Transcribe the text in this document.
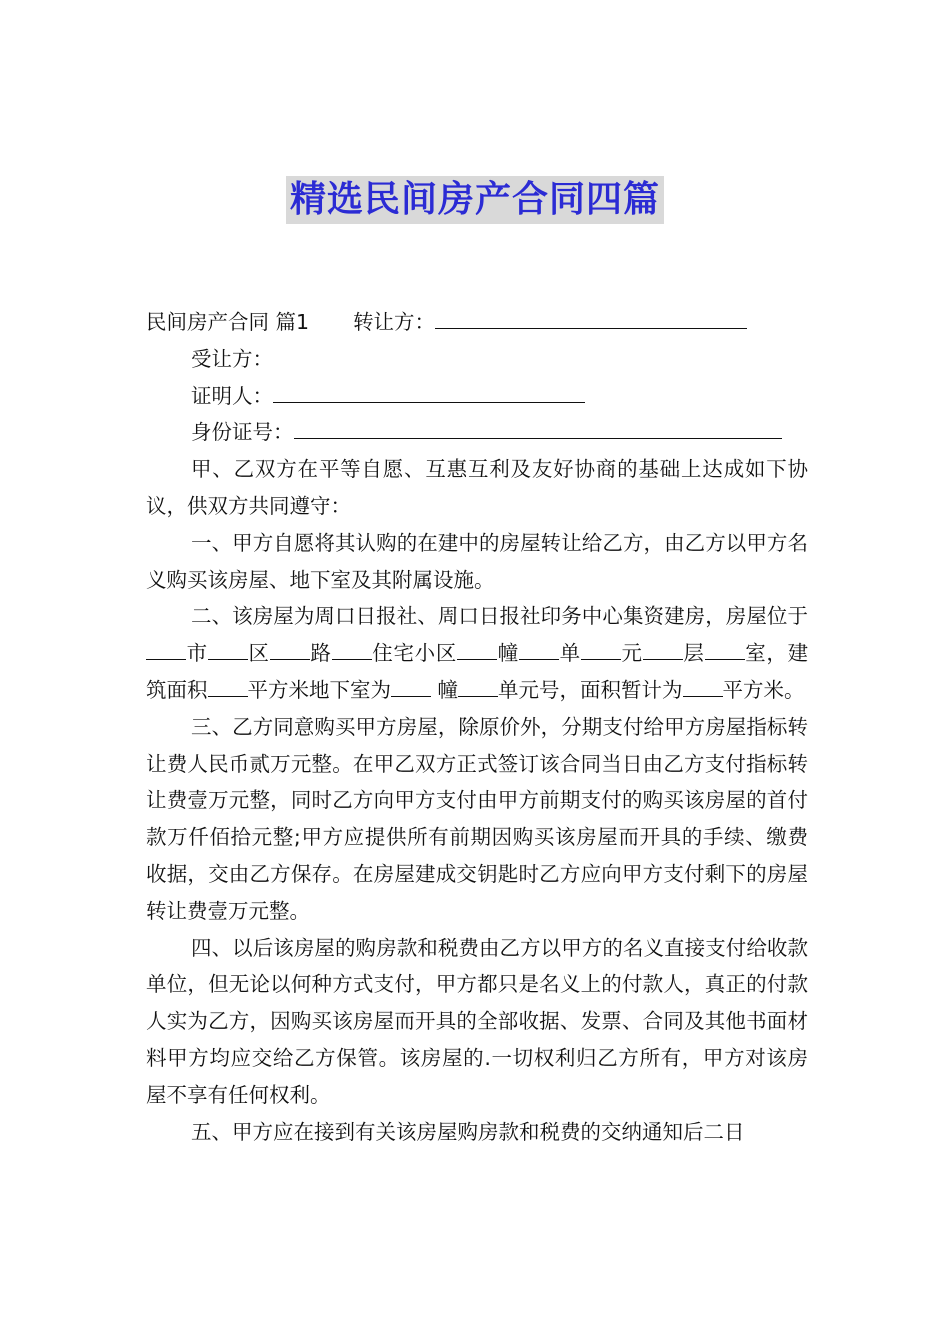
精选民间房产合同四篇

民间房产合同 篇1 转让方：

受让方：

证明人：

身份证号：

甲、乙双方在平等自愿、互惠互利及友好协商的基础上达成如下协议，供双方共同遵守：

一、甲方自愿将其认购的在建中的房屋转让给乙方，由乙方以甲方名义购买该房屋、地下室及其附属设施。

二、该房屋为周口日报社、周口日报社印务中心集资建房，房屋位于市 区 路 住宅小区 幢 单 元 层 室，建筑面积 平方米地下室为 幢 单元号，面积暂计为 平方米。

三、乙方同意购买甲方房屋，除原价外，分期支付给甲方房屋指标转让费人民币贰万元整。在甲乙双方正式签订该合同当日由乙方支付指标转让费壹万元整，同时乙方向甲方支付由甲方前期支付的购买该房屋的首付款万仟佰拾元整;甲方应提供所有前期因购买该房屋而开具的手续、缴费收据，交由乙方保存。在房屋建成交钥匙时乙方应向甲方支付剩下的房屋转让费壹万元整。

四、以后该房屋的购房款和税费由乙方以甲方的名义直接支付给收款单位，但无论以何种方式支付，甲方都只是名义上的付款人，真正的付款人实为乙方，因购买该房屋而开具的全部收据、发票、合同及其他书面材料甲方均应交给乙方保管。该房屋的.一切权利归乙方所有，甲方对该房屋不享有任何权利。

五、甲方应在接到有关该房屋购房款和税费的交纳通知后二日
